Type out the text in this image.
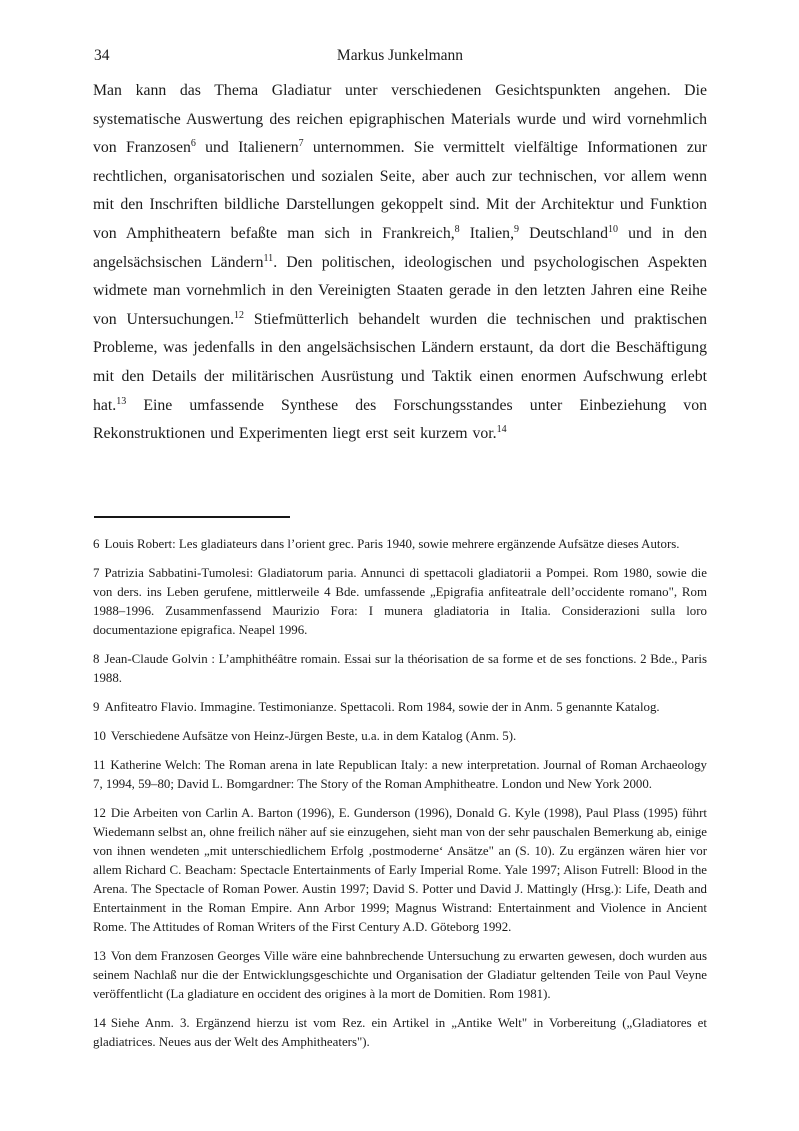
34	Markus Junkelmann
Man kann das Thema Gladiatur unter verschiedenen Gesichtspunkten angehen. Die systematische Auswertung des reichen epigraphischen Materials wurde und wird vornehmlich von Franzosen$^6$ und Italienern$^7$ unternommen. Sie vermittelt vielfältige Informationen zur rechtlichen, organisatorischen und sozialen Seite, aber auch zur technischen, vor allem wenn mit den Inschriften bildliche Darstellungen gekoppelt sind. Mit der Architektur und Funktion von Amphitheatern befaßte man sich in Frankreich,$^8$ Italien,$^9$ Deutschland$^{10}$ und in den angelsächsischen Ländern$^{11}$. Den politischen, ideologischen und psychologischen Aspekten widmete man vornehmlich in den Vereinigten Staaten gerade in den letzten Jahren eine Reihe von Untersuchungen.$^{12}$ Stiefmütterlich behandelt wurden die technischen und praktischen Probleme, was jedenfalls in den angelsächsischen Ländern erstaunt, da dort die Beschäftigung mit den Details der militärischen Ausrüstung und Taktik einen enormen Aufschwung erlebt hat.$^{13}$ Eine umfassende Synthese des Forschungsstandes unter Einbeziehung von Rekonstruktionen und Experimenten liegt erst seit kurzem vor.$^{14}$

6 Louis Robert: Les gladiateurs dans l’orient grec. Paris 1940, sowie mehrere ergänzende Aufsätze dieses Autors.

7 Patrizia Sabbatini-Tumolesi: Gladiatorum paria. Annunci di spettacoli gladiatorii a Pompei. Rom 1980, sowie die von ders. ins Leben gerufene, mittlerweile 4 Bde. umfassende „Epigrafia anfiteatrale dell’occidente romano", Rom 1988–1996. Zusammenfassend Maurizio Fora: I munera gladiatoria in Italia. Considerazioni sulla loro documentazione epigrafica. Neapel 1996.

8 Jean-Claude Golvin : L’amphithéâtre romain. Essai sur la théorisation de sa forme et de ses fonctions. 2 Bde., Paris 1988.

9 Anfiteatro Flavio. Immagine. Testimonianze. Spettacoli. Rom 1984, sowie der in Anm. 5 genannte Katalog.

10 Verschiedene Aufsätze von Heinz-Jürgen Beste, u.a. in dem Katalog (Anm. 5).

11 Katherine Welch: The Roman arena in late Republican Italy: a new interpretation. Journal of Roman Archaeology 7, 1994, 59–80; David L. Bomgardner: The Story of the Roman Amphitheatre. London und New York 2000.

12 Die Arbeiten von Carlin A. Barton (1996), E. Gunderson (1996), Donald G. Kyle (1998), Paul Plass (1995) führt Wiedemann selbst an, ohne freilich näher auf sie einzugehen, sieht man von der sehr pauschalen Bemerkung ab, einige von ihnen wendeten „mit unterschiedlichem Erfolg ‚postmoderne‘ Ansätze" an (S. 10). Zu ergänzen wären hier vor allem Richard C. Beacham: Spectacle Entertainments of Early Imperial Rome. Yale 1997; Alison Futrell: Blood in the Arena. The Spectacle of Roman Power. Austin 1997; David S. Potter und David J. Mattingly (Hrsg.): Life, Death and Entertainment in the Roman Empire. Ann Arbor 1999; Magnus Wistrand: Entertainment and Violence in Ancient Rome. The Attitudes of Roman Writers of the First Century A.D. Göteborg 1992.

13 Von dem Franzosen Georges Ville wäre eine bahnbrechende Untersuchung zu erwarten gewesen, doch wurden aus seinem Nachlaß nur die der Entwicklungsgeschichte und Organisation der Gladiatur geltenden Teile von Paul Veyne veröffentlicht (La gladiature en occident des origines à la mort de Domitien. Rom 1981).

14 Siehe Anm. 3. Ergänzend hierzu ist vom Rez. ein Artikel in „Antike Welt" in Vorbereitung („Gladiatores et gladiatrices. Neues aus der Welt des Amphitheaters").
